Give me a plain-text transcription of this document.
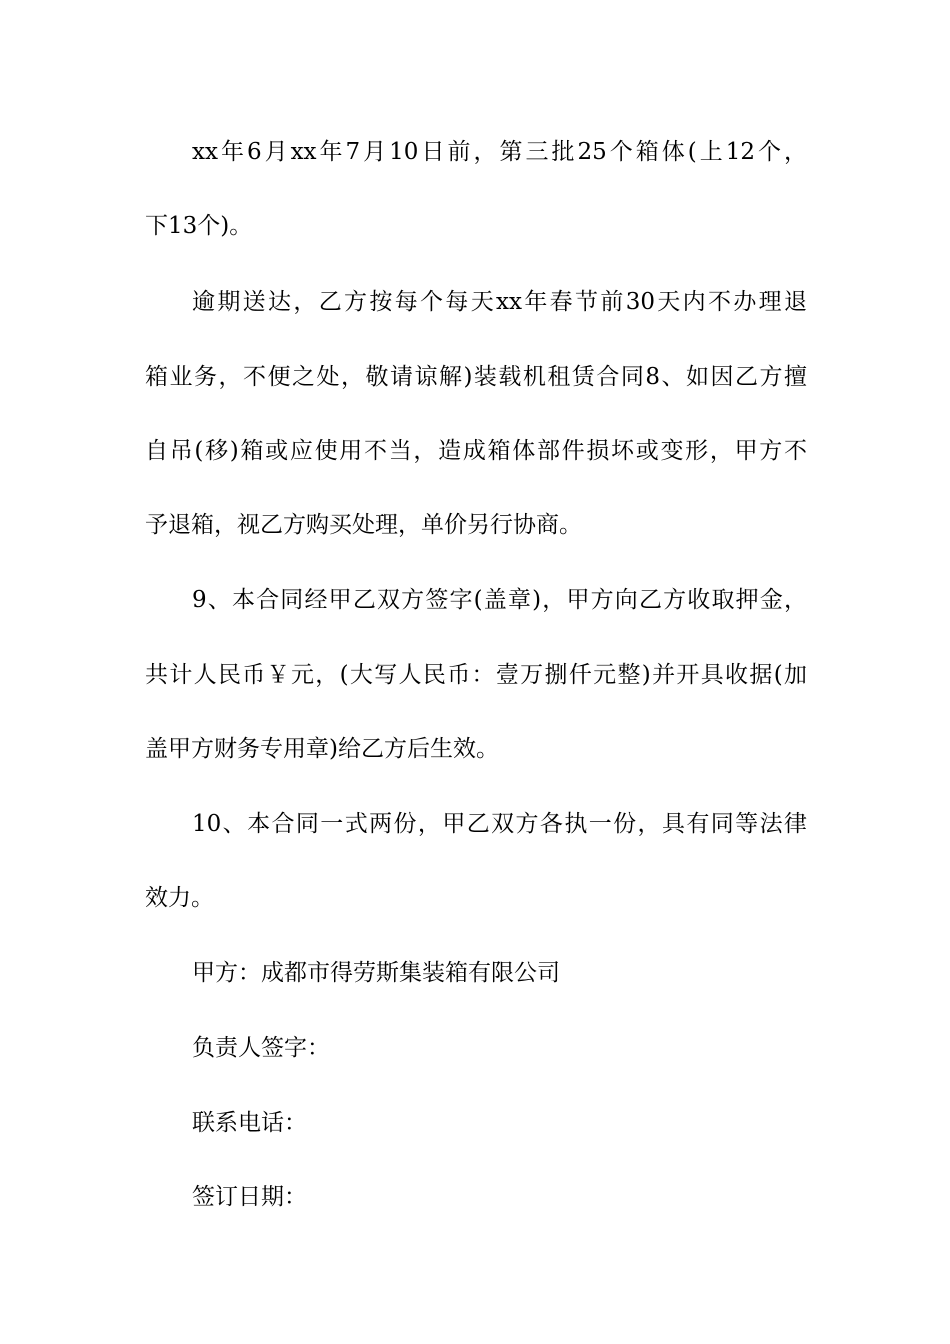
xx年6月xx年7月10日前，第三批25个箱体(上12个，
下13个)。
逾期送达，乙方按每个每天xx年春节前30天内不办理退
箱业务，不便之处，敬请谅解)装载机租赁合同8、如因乙方擅
自吊(移)箱或应使用不当，造成箱体部件损坏或变形，甲方不
予退箱，视乙方购买处理，单价另行协商。
9、本合同经甲乙双方签字(盖章)，甲方向乙方收取押金，
共计人民币￥元，(大写人民币：壹万捌仟元整)并开具收据(加
盖甲方财务专用章)给乙方后生效。
10、本合同一式两份，甲乙双方各执一份，具有同等法律
效力。
甲方：成都市得劳斯集装箱有限公司
负责人签字：
联系电话：
签订日期：
